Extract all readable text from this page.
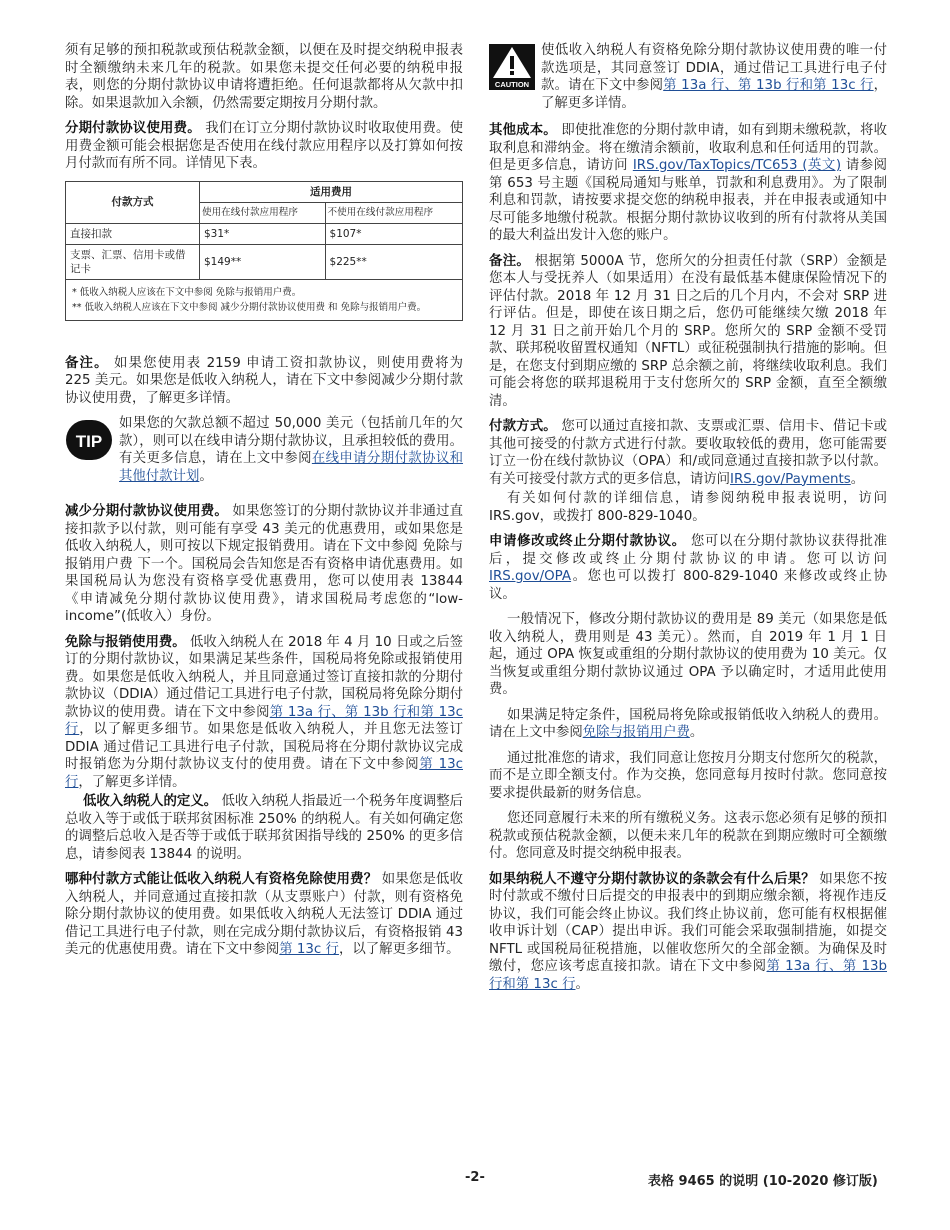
须有足够的预扣税款或预估税款金额，以便在及时提交纳税申报表时全额缴纳未来几年的税款。如果您未提交任何必要的纳税申报表，则您的分期付款协议申请将遭拒绝。任何退款都将从欠款中扣除。如果退款加入余额，仍然需要定期按月分期付款。

分期付款协议使用费。 我们在订立分期付款协议时收取使用费。使用费金额可能会根据您是否使用在线付款应用程序以及打算如何按月付款而有所不同。详情见下表。

付款方式	适用费用	
	使用在线付款应用程序	不使用在线付款应用程序
直接扣款	$31*	$107*
支票、汇票、信用卡或借记卡	$149**	$225**

* 低收入纳税人应该在下文中参阅 免除与报销用户费。
** 低收入纳税人应该在下文中参阅 减少分期付款协议使用费 和 免除与报销用户费。		

备注。 如果您使用表 2159 申请工资扣款协议，则使用费将为 225 美元。如果您是低收入纳税人，请在下文中参阅减少分期付款协议使用费，了解更多详情。

TIP
如果您的欠款总额不超过 50,000 美元（包括前几年的欠款），则可以在线申请分期付款协议，且承担较低的费用。有关更多信息，请在上文中参阅在线申请分期付款协议和其他付款计划。

减少分期付款协议使用费。 如果您签订的分期付款协议并非通过直接扣款予以付款，则可能有享受 43 美元的优惠费用，或如果您是低收入纳税人，则可按以下规定报销费用。请在下文中参阅 免除与报销用户费 下一个。国税局会告知您是否有资格申请优惠费用。如果国税局认为您没有资格享受优惠费用，您可以使用表 13844 《申请减免分期付款协议使用费》，请求国税局考虑您的“low-income”(低收入）身份。

免除与报销使用费。 低收入纳税人在 2018 年 4 月 10 日或之后签订的分期付款协议，如果满足某些条件，国税局将免除或报销使用费。如果您是低收入纳税人，并且同意通过签订直接扣款的分期付款协议（DDIA）通过借记工具进行电子付款，国税局将免除分期付款协议的使用费。请在下文中参阅第 13a 行、第 13b 行和第 13c 行，以了解更多细节。如果您是低收入纳税人，并且您无法签订 DDIA 通过借记工具进行电子付款，国税局将在分期付款协议完成时报销您为分期付款协议支付的使用费。请在下文中参阅第 13c 行，了解更多详情。

低收入纳税人的定义。 低收入纳税人指最近一个税务年度调整后总收入等于或低于联邦贫困标准 250% 的纳税人。有关如何确定您的调整后总收入是否等于或低于联邦贫困指导线的 250% 的更多信息，请参阅表 13844 的说明。

哪种付款方式能让低收入纳税人有资格免除使用费？ 如果您是低收入纳税人，并同意通过直接扣款（从支票账户）付款，则有资格免除分期付款协议的使用费。如果低收入纳税人无法签订 DDIA 通过借记工具进行电子付款，则在完成分期付款协议后，有资格报销 43 美元的优惠使用费。请在下文中参阅第 13c 行，以了解更多细节。

CAUTION
使低收入纳税人有资格免除分期付款协议使用费的唯一付款选项是，其同意签订 DDIA，通过借记工具进行电子付款。请在下文中参阅第 13a 行、第 13b 行和第 13c 行，了解更多详情。

其他成本。 即使批准您的分期付款申请，如有到期未缴税款，将收取利息和滞纳金。将在缴清余额前，收取利息和任何适用的罚款。但是更多信息，请访问 IRS.gov/TaxTopics/TC653 (英文) 请参阅第 653 号主题《国税局通知与账单，罚款和利息费用》。为了限制利息和罚款，请按要求提交您的纳税申报表，并在申报表或通知中尽可能多地缴付税款。根据分期付款协议收到的所有付款将从美国的最大利益出发计入您的账户。

备注。 根据第 5000A 节，您所欠的分担责任付款（SRP）金额是您本人与受抚养人（如果适用）在没有最低基本健康保险情况下的评估付款。2018 年 12 月 31 日之后的几个月内，不会对 SRP 进行评估。但是，即使在该日期之后，您仍可能继续欠缴 2018 年 12 月 31 日之前开始几个月的 SRP。您所欠的 SRP 金额不受罚款、联邦税收留置权通知（NFTL）或征税强制执行措施的影响。但是，在您支付到期应缴的 SRP 总余额之前，将继续收取利息。我们可能会将您的联邦退税用于支付您所欠的 SRP 金额，直至全额缴清。

付款方式。 您可以通过直接扣款、支票或汇票、信用卡、借记卡或其他可接受的付款方式进行付款。要收取较低的费用，您可能需要订立一份在线付款协议（OPA）和/或同意通过直接扣款予以付款。有关可接受付款方式的更多信息，请访问IRS.gov/Payments。

有关如何付款的详细信息，请参阅纳税申报表说明，访问 IRS.gov，或拨打 800-829-1040。

申请修改或终止分期付款协议。 您可以在分期付款协议获得批准后，提交修改或终止分期付款协议的申请。您可以访问IRS.gov/OPA。您也可以拨打 800-829-1040 来修改或终止协议。

一般情况下，修改分期付款协议的费用是 89 美元（如果您是低收入纳税人，费用则是 43 美元）。然而，自 2019 年 1 月 1 日起，通过 OPA 恢复或重组的分期付款协议的使用费为 10 美元。仅当恢复或重组分期付款协议通过 OPA 予以确定时，才适用此使用费。

如果满足特定条件，国税局将免除或报销低收入纳税人的费用。请在上文中参阅免除与报销用户费。

通过批准您的请求，我们同意让您按月分期支付您所欠的税款，而不是立即全额支付。作为交换，您同意每月按时付款。您同意按要求提供最新的财务信息。

您还同意履行未来的所有缴税义务。这表示您必须有足够的预扣税款或预估税款金额，以便未来几年的税款在到期应缴时可全额缴付。您同意及时提交纳税申报表。

如果纳税人不遵守分期付款协议的条款会有什么后果？ 如果您不按时付款或不缴付日后提交的申报表中的到期应缴余额，将视作违反协议，我们可能会终止协议。我们终止协议前，您可能有权根据催收申诉计划（CAP）提出申诉。我们可能会采取强制措施，如提交 NFTL 或国税局征税措施，以催收您所欠的全部金额。为确保及时缴付，您应该考虑直接扣款。请在下文中参阅第 13a 行、第 13b 行和第 13c 行。

-2-	表格 9465 的说明 (10-2020 修订版)
